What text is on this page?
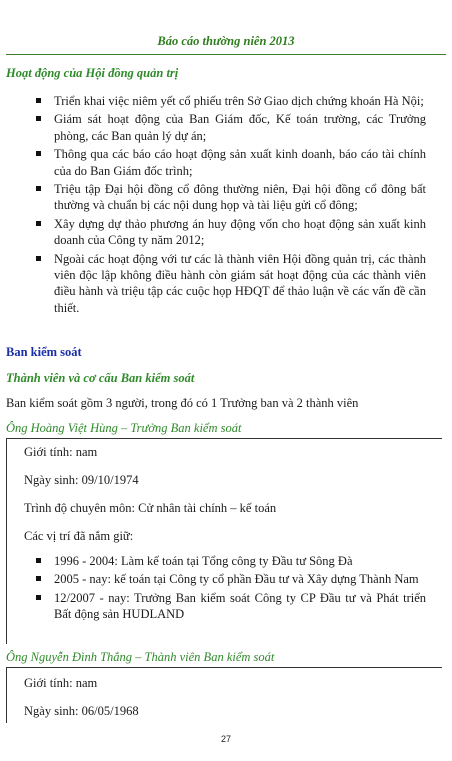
Báo cáo thường niên 2013
Hoạt động của Hội đồng quản trị
Triển khai việc niêm yết cổ phiếu trên Sở Giao dịch chứng khoán Hà Nội;
Giám sát hoạt động của Ban Giám đốc, Kế toán trường, các Trưởng phòng, các Ban quản lý dự án;
Thông qua các báo cáo hoạt động sản xuất kinh doanh, báo cáo tài chính của do Ban Giám đốc trình;
Triệu tập Đại hội đồng cổ đông thường niên, Đại hội đồng cổ đông bất thường và chuẩn bị các nội dung họp và tài liệu gửi cổ đông;
Xây dựng dự thảo phương án huy động vốn cho hoạt động sản xuất kinh doanh của Công ty năm 2012;
Ngoài các hoạt động với tư các là thành viên Hội đồng quản trị, các thành viên độc lập không điều hành còn giám sát hoạt động của các thành viên điều hành và triệu tập các cuộc họp HĐQT để thảo luận về các vấn đề cần thiết.
Ban kiểm soát
Thành viên và cơ cấu Ban kiểm soát
Ban kiểm soát gồm 3 người, trong đó có 1 Trưởng ban và 2 thành viên
Ông Hoàng Việt Hùng – Trưởng Ban kiểm soát
Giới tính: nam
Ngày sinh: 09/10/1974
Trình độ chuyên môn: Cử nhân tài chính – kế toán
Các vị trí đã nắm giữ:
1996 - 2004: Làm kế toán tại Tổng công ty Đầu tư Sông Đà
2005 - nay: kế toán tại Công ty cổ phần Đầu tư và Xây dựng Thành Nam
12/2007 - nay: Trưởng Ban kiểm soát Công ty CP Đầu tư và Phát triển Bất động sản HUDLAND
Ông Nguyễn Đình Thắng – Thành viên Ban kiểm soát
Giới tính: nam
Ngày sinh: 06/05/1968
27
